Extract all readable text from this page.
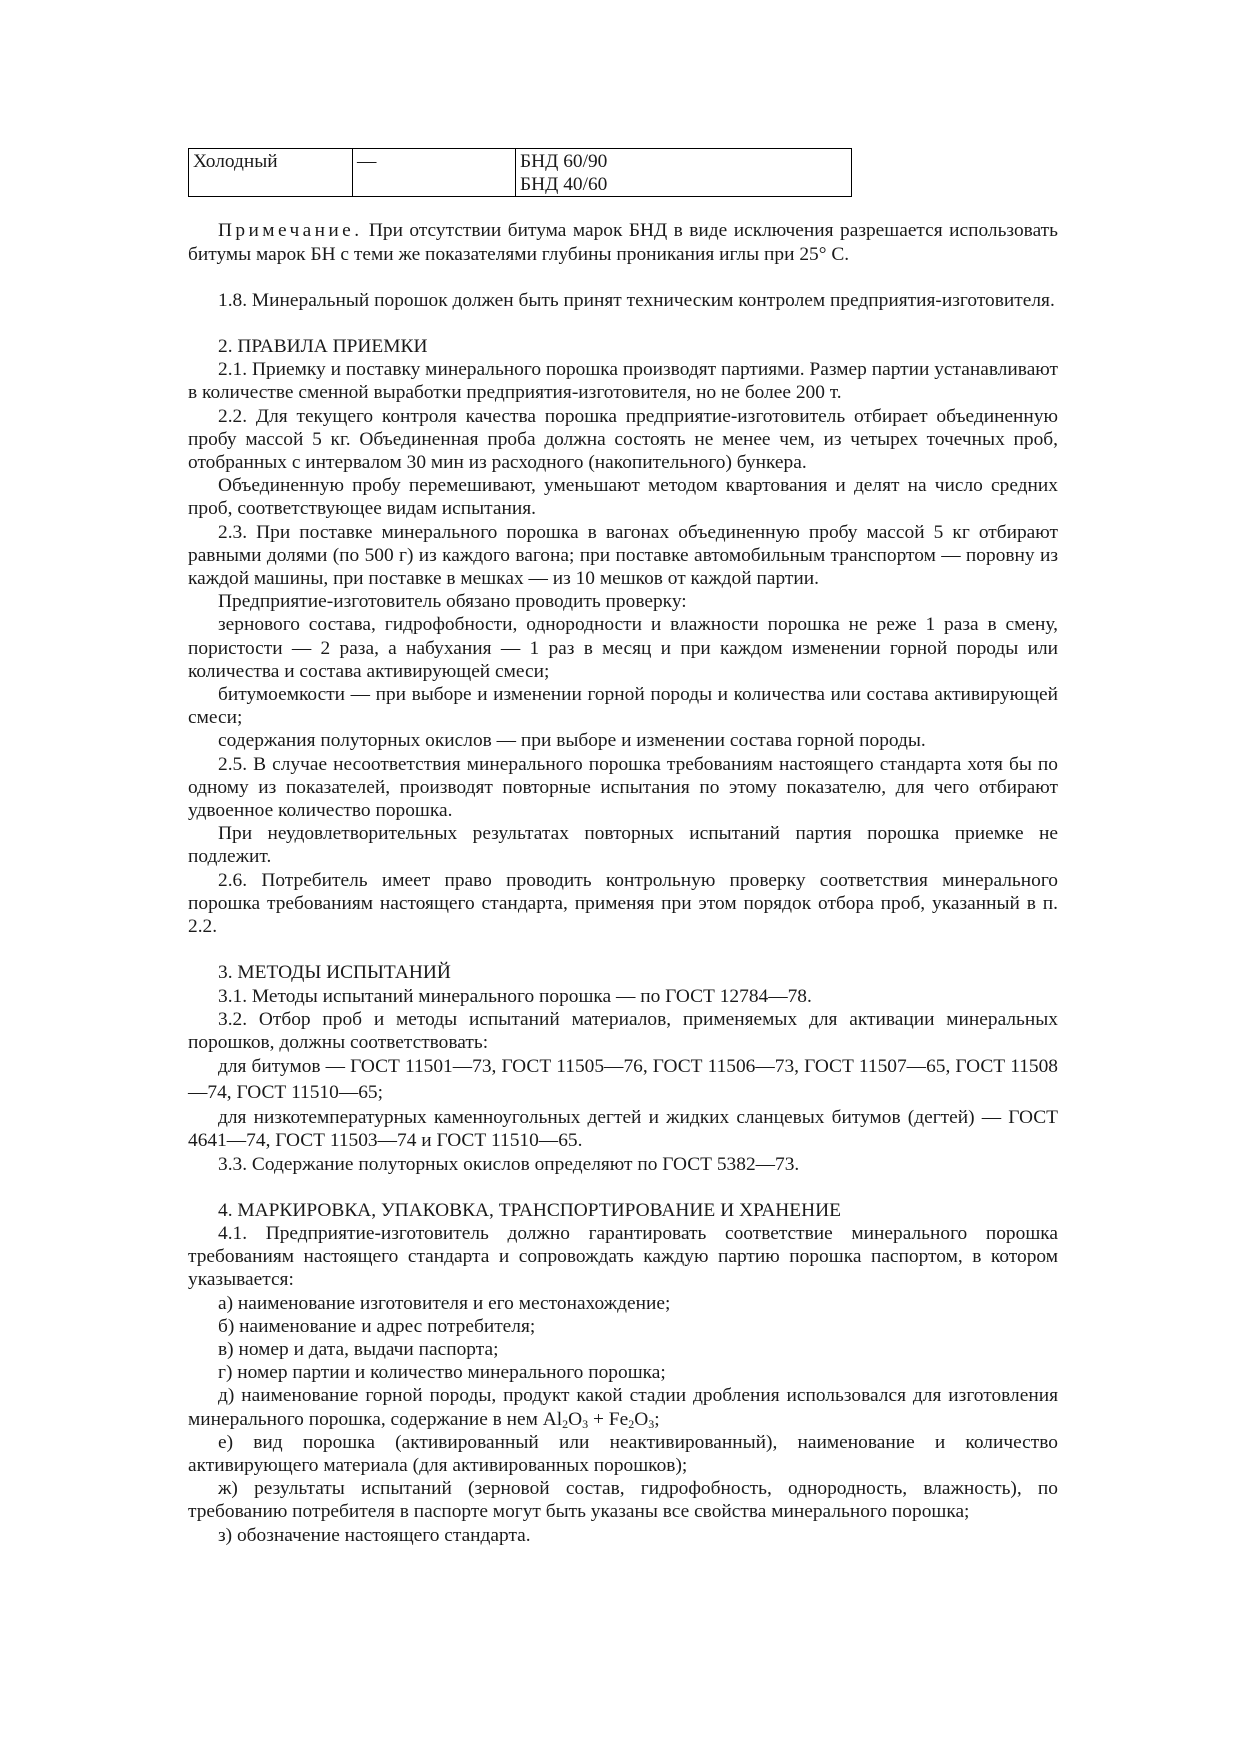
Холодный	—	БНД 60/90
БНД 40/60

Примечание. При отсутствии битума марок БНД в виде исключения разрешается использовать битумы марок БН с теми же показателями глубины проникания иглы при 25° С.

1.8. Минеральный порошок должен быть принят техническим контролем предприятия-изготовителя.

2. ПРАВИЛА ПРИЕМКИ

2.1. Приемку и поставку минерального порошка производят партиями. Размер партии устанавливают в количестве сменной выработки предприятия-изготовителя, но не более 200 т.

2.2. Для текущего контроля качества порошка предприятие-изготовитель отбирает объединенную пробу массой 5 кг. Объединенная проба должна состоять не менее чем, из четырех точечных проб, отобранных с интервалом 30 мин из расходного (накопительного) бункера.

Объединенную пробу перемешивают, уменьшают методом квартования и делят на число средних проб, соответствующее видам испытания.

2.3. При поставке минерального порошка в вагонах объединенную пробу массой 5 кг отбирают равными долями (по 500 г) из каждого вагона; при поставке автомобильным транспортом — поровну из каждой машины, при поставке в мешках — из 10 мешков от каждой партии.

Предприятие-изготовитель обязано проводить проверку:

зернового состава, гидрофобности, однородности и влажности порошка не реже 1 раза в смену, пористости — 2 раза, а набухания — 1 раз в месяц и при каждом изменении горной породы или количества и состава активирующей смеси;

битумоемкости — при выборе и изменении горной породы и количества или состава активирующей смеси;

содержания полуторных окислов — при выборе и изменении состава горной породы.

2.5. В случае несоответствия минерального порошка требованиям настоящего стандарта хотя бы по одному из показателей, производят повторные испытания по этому показателю, для чего отбирают удвоенное количество порошка.

При неудовлетворительных результатах повторных испытаний партия порошка приемке не подлежит.

2.6. Потребитель имеет право проводить контрольную проверку соответствия минерального порошка требованиям настоящего стандарта, применяя при этом порядок отбора проб, указанный в п. 2.2.

3. МЕТОДЫ ИСПЫТАНИЙ

3.1. Методы испытаний минерального порошка — по ГОСТ 12784—78.

3.2. Отбор проб и методы испытаний материалов, применяемых для активации минеральных порошков, должны соответствовать:

для битумов — ГОСТ 11501—73, ГОСТ 11505—76, ГОСТ 11506—73, ГОСТ 11507—65, ГОСТ 11508—74, ГОСТ 11510—65;

для низкотемпературных каменноугольных дегтей и жидких сланцевых битумов (дегтей) — ГОСТ 4641—74, ГОСТ 11503—74 и ГОСТ 11510—65.

3.3. Содержание полуторных окислов определяют по ГОСТ 5382—73.

4. МАРКИРОВКА, УПАКОВКА, ТРАНСПОРТИРОВАНИЕ И ХРАНЕНИЕ

4.1. Предприятие-изготовитель должно гарантировать соответствие минерального порошка требованиям настоящего стандарта и сопровождать каждую партию порошка паспортом, в котором указывается:

а) наименование изготовителя и его местонахождение;

б) наименование и адрес потребителя;

в) номер и дата, выдачи паспорта;

г) номер партии и количество минерального порошка;

д) наименование горной породы, продукт какой стадии дробления использовался для изготовления минерального порошка, содержание в нем $Al_2O_3 + Fe_2O_3$;

е) вид порошка (активированный или неактивированный), наименование и количество активирующего материала (для активированных порошков);

ж) результаты испытаний (зерновой состав, гидрофобность, однородность, влажность), по требованию потребителя в паспорте могут быть указаны все свойства минерального порошка;

з) обозначение настоящего стандарта.
